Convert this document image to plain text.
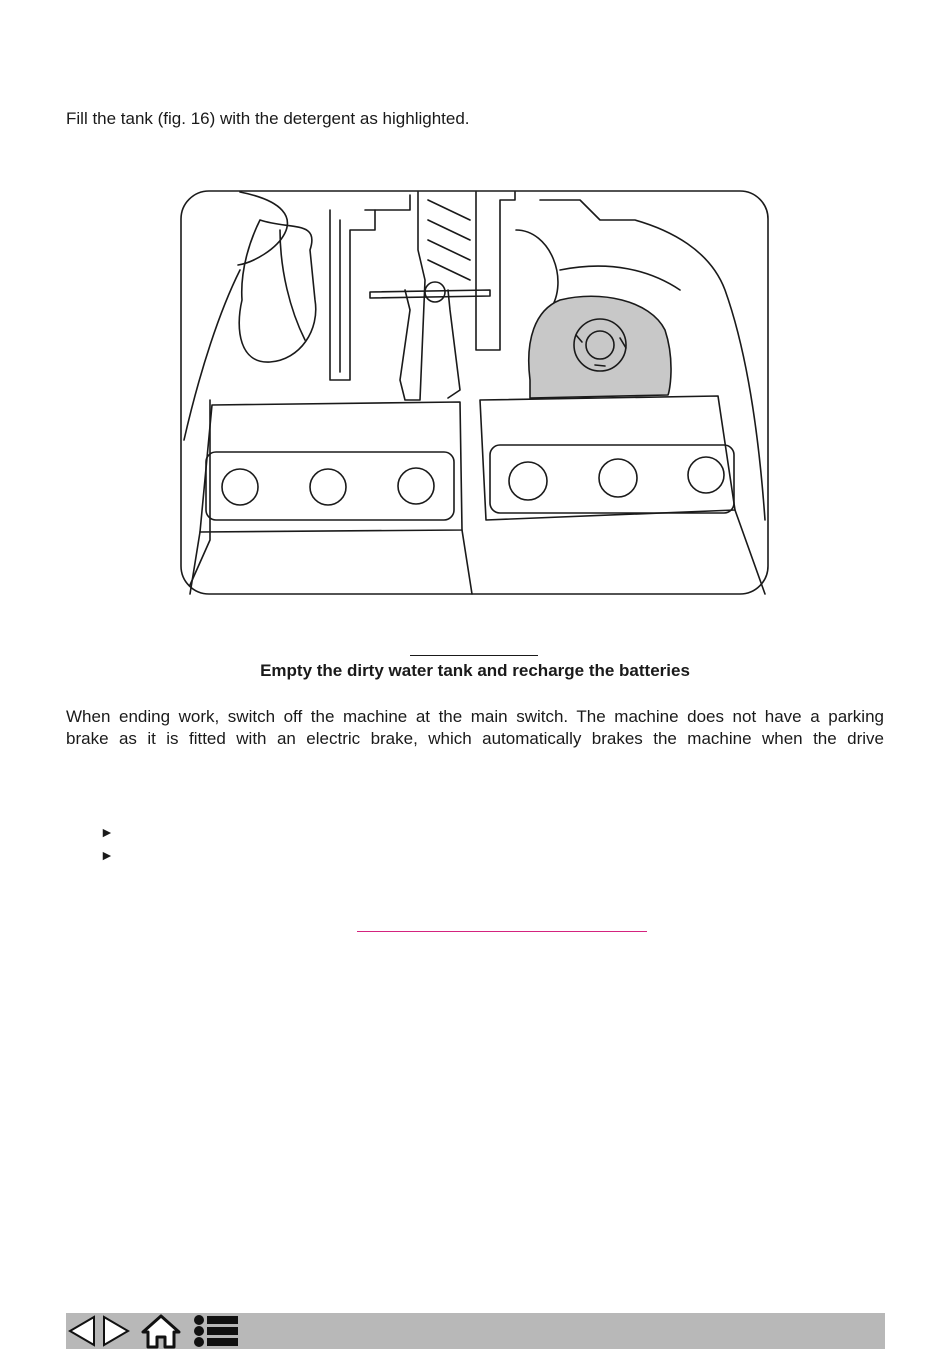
Fill the tank (fig. 16) with the detergent as highlighted.
Empty the dirty water tank and recharge the batteries
When ending work, switch off the machine at the main switch. The machine does not have a parking
brake as it is fitted with an electric brake, which automatically brakes the machine when the drive
►
►
